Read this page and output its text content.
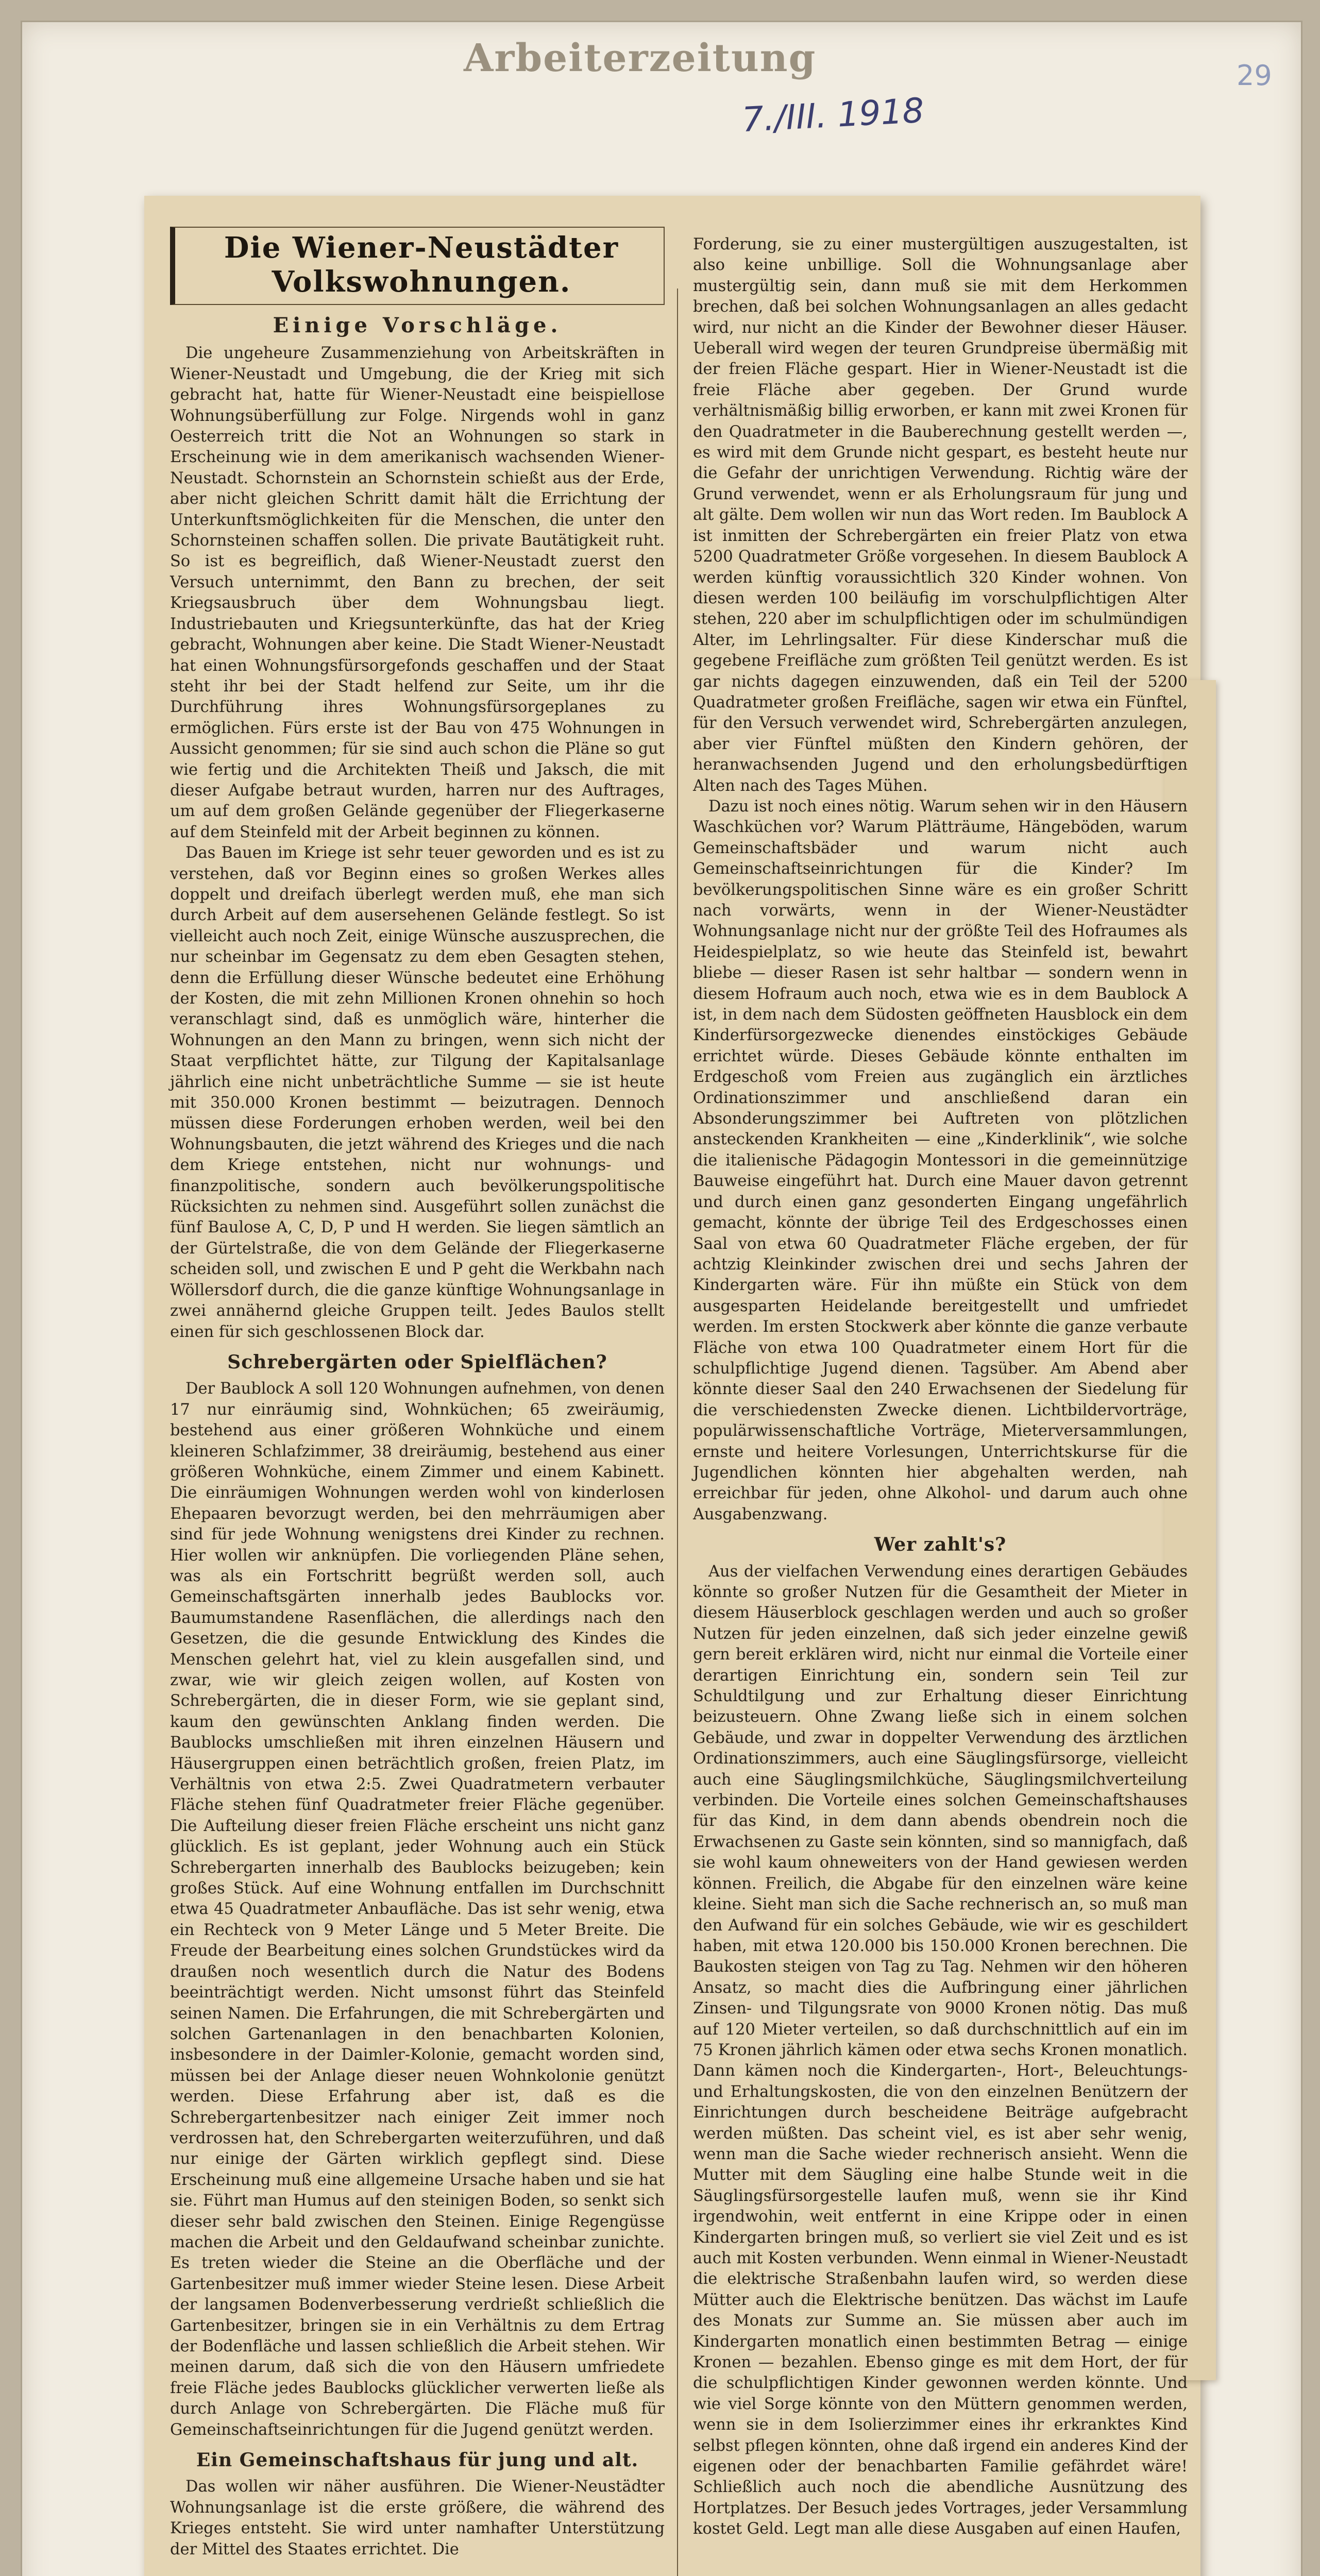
Arbeiterzeitung
7./III. 1918
29
Die Wiener-Neustädter Volkswohnungen.
Einige Vorschläge.

Die ungeheure Zusammenziehung von Arbeitskräften in Wiener-Neustadt und Umgebung, die der Krieg mit sich gebracht hat, hatte für Wiener-Neustadt eine beispiellose Wohnungsüberfüllung zur Folge. Nirgends wohl in ganz Oesterreich tritt die Not an Wohnungen so stark in Erscheinung wie in dem amerikanisch wachsenden Wiener-Neustadt. Schornstein an Schornstein schießt aus der Erde, aber nicht gleichen Schritt damit hält die Errichtung der Unterkunftsmöglichkeiten für die Menschen, die unter den Schornsteinen schaffen sollen. Die private Bautätigkeit ruht. So ist es begreiflich, daß Wiener-Neustadt zuerst den Versuch unternimmt, den Bann zu brechen, der seit Kriegsausbruch über dem Wohnungsbau liegt. Industriebauten und Kriegsunterkünfte, das hat der Krieg gebracht, Wohnungen aber keine. Die Stadt Wiener-Neustadt hat einen Wohnungsfürsorgefonds geschaffen und der Staat steht ihr bei der Stadt helfend zur Seite, um ihr die Durchführung ihres Wohnungsfürsorgeplanes zu ermöglichen. Fürs erste ist der Bau von 475 Wohnungen in Aussicht genommen; für sie sind auch schon die Pläne so gut wie fertig und die Architekten Theiß und Jaksch, die mit dieser Aufgabe betraut wurden, harren nur des Auftrages, um auf dem großen Gelände gegenüber der Fliegerkaserne auf dem Steinfeld mit der Arbeit beginnen zu können.

Das Bauen im Kriege ist sehr teuer geworden und es ist zu verstehen, daß vor Beginn eines so großen Werkes alles doppelt und dreifach überlegt werden muß, ehe man sich durch Arbeit auf dem ausersehenen Gelände festlegt. So ist vielleicht auch noch Zeit, einige Wünsche auszusprechen, die nur scheinbar im Gegensatz zu dem eben Gesagten stehen, denn die Erfüllung dieser Wünsche bedeutet eine Erhöhung der Kosten, die mit zehn Millionen Kronen ohnehin so hoch veranschlagt sind, daß es unmöglich wäre, hinterher die Wohnungen an den Mann zu bringen, wenn sich nicht der Staat verpflichtet hätte, zur Tilgung der Kapitalsanlage jährlich eine nicht unbeträchtliche Summe — sie ist heute mit 350.000 Kronen bestimmt — beizutragen. Dennoch müssen diese Forderungen erhoben werden, weil bei den Wohnungsbauten, die jetzt während des Krieges und die nach dem Kriege entstehen, nicht nur wohnungs- und finanzpolitische, sondern auch bevölkerungspolitische Rücksichten zu nehmen sind. Ausgeführt sollen zunächst die fünf Baulose A, C, D, P und H werden. Sie liegen sämtlich an der Gürtelstraße, die von dem Gelände der Fliegerkaserne scheiden soll, und zwischen E und P geht die Werkbahn nach Wöllersdorf durch, die die ganze künftige Wohnungsanlage in zwei annähernd gleiche Gruppen teilt. Jedes Baulos stellt einen für sich geschlossenen Block dar.

Schrebergärten oder Spielflächen?

Der Baublock A soll 120 Wohnungen aufnehmen, von denen 17 nur einräumig sind, Wohnküchen; 65 zweiräumig, bestehend aus einer größeren Wohnküche und einem kleineren Schlafzimmer, 38 dreiräumig, bestehend aus einer größeren Wohnküche, einem Zimmer und einem Kabinett. Die einräumigen Wohnungen werden wohl von kinderlosen Ehepaaren bevorzugt werden, bei den mehrräumigen aber sind für jede Wohnung wenigstens drei Kinder zu rechnen. Hier wollen wir anknüpfen. Die vorliegenden Pläne sehen, was als ein Fortschritt begrüßt werden soll, auch Gemeinschaftsgärten innerhalb jedes Baublocks vor. Baumumstandene Rasenflächen, die allerdings nach den Gesetzen, die die gesunde Entwicklung des Kindes die Menschen gelehrt hat, viel zu klein ausgefallen sind, und zwar, wie wir gleich zeigen wollen, auf Kosten von Schrebergärten, die in dieser Form, wie sie geplant sind, kaum den gewünschten Anklang finden werden. Die Baublocks umschließen mit ihren einzelnen Häusern und Häusergruppen einen beträchtlich großen, freien Platz, im Verhältnis von etwa 2:5. Zwei Quadratmetern verbauter Fläche stehen fünf Quadratmeter freier Fläche gegenüber. Die Aufteilung dieser freien Fläche erscheint uns nicht ganz glücklich. Es ist geplant, jeder Wohnung auch ein Stück Schrebergarten innerhalb des Baublocks beizugeben; kein großes Stück. Auf eine Wohnung entfallen im Durchschnitt etwa 45 Quadratmeter Anbaufläche. Das ist sehr wenig, etwa ein Rechteck von 9 Meter Länge und 5 Meter Breite. Die Freude der Bearbeitung eines solchen Grundstückes wird da draußen noch wesentlich durch die Natur des Bodens beeinträchtigt werden. Nicht umsonst führt das Steinfeld seinen Namen. Die Erfahrungen, die mit Schrebergärten und solchen Gartenanlagen in den benachbarten Kolonien, insbesondere in der Daimler-Kolonie, gemacht worden sind, müssen bei der Anlage dieser neuen Wohnkolonie genützt werden. Diese Erfahrung aber ist, daß es die Schrebergartenbesitzer nach einiger Zeit immer noch verdrossen hat, den Schrebergarten weiterzuführen, und daß nur einige der Gärten wirklich gepflegt sind. Diese Erscheinung muß eine allgemeine Ursache haben und sie hat sie. Führt man Humus auf den steinigen Boden, so senkt sich dieser sehr bald zwischen den Steinen. Einige Regengüsse machen die Arbeit und den Geldaufwand scheinbar zunichte. Es treten wieder die Steine an die Oberfläche und der Gartenbesitzer muß immer wieder Steine lesen. Diese Arbeit der langsamen Bodenverbesserung verdrießt schließlich die Gartenbesitzer, bringen sie in ein Verhältnis zu dem Ertrag der Bodenfläche und lassen schließlich die Arbeit stehen. Wir meinen darum, daß sich die von den Häusern umfriedete freie Fläche jedes Baublocks glücklicher verwerten ließe als durch Anlage von Schrebergärten. Die Fläche muß für Gemeinschaftseinrichtungen für die Jugend genützt werden.

Ein Gemeinschaftshaus für jung und alt.

Das wollen wir näher ausführen. Die Wiener-Neustädter Wohnungsanlage ist die erste größere, die während des Krieges entsteht. Sie wird unter namhafter Unterstützung der Mittel des Staates errichtet. Die

Forderung, sie zu einer mustergültigen auszugestalten, ist also keine unbillige. Soll die Wohnungsanlage aber mustergültig sein, dann muß sie mit dem Herkommen brechen, daß bei solchen Wohnungsanlagen an alles gedacht wird, nur nicht an die Kinder der Bewohner dieser Häuser. Ueberall wird wegen der teuren Grundpreise übermäßig mit der freien Fläche gespart. Hier in Wiener-Neustadt ist die freie Fläche aber gegeben. Der Grund wurde verhältnismäßig billig erworben, er kann mit zwei Kronen für den Quadratmeter in die Bauberechnung gestellt werden —, es wird mit dem Grunde nicht gespart, es besteht heute nur die Gefahr der unrichtigen Verwendung. Richtig wäre der Grund verwendet, wenn er als Erholungsraum für jung und alt gälte. Dem wollen wir nun das Wort reden. Im Baublock A ist inmitten der Schrebergärten ein freier Platz von etwa 5200 Quadratmeter Größe vorgesehen. In diesem Baublock A werden künftig voraussichtlich 320 Kinder wohnen. Von diesen werden 100 beiläufig im vorschulpflichtigen Alter stehen, 220 aber im schulpflichtigen oder im schulmündigen Alter, im Lehrlingsalter. Für diese Kinderschar muß die gegebene Freifläche zum größten Teil genützt werden. Es ist gar nichts dagegen einzuwenden, daß ein Teil der 5200 Quadratmeter großen Freifläche, sagen wir etwa ein Fünftel, für den Versuch verwendet wird, Schrebergärten anzulegen, aber vier Fünftel müßten den Kindern gehören, der heranwachsenden Jugend und den erholungsbedürftigen Alten nach des Tages Mühen.

Dazu ist noch eines nötig. Warum sehen wir in den Häusern Waschküchen vor? Warum Plätträume, Hängeböden, warum Gemeinschaftsbäder und warum nicht auch Gemeinschaftseinrichtungen für die Kinder? Im bevölkerungspolitischen Sinne wäre es ein großer Schritt nach vorwärts, wenn in der Wiener-Neustädter Wohnungsanlage nicht nur der größte Teil des Hofraumes als Heidespielplatz, so wie heute das Steinfeld ist, bewahrt bliebe — dieser Rasen ist sehr haltbar — sondern wenn in diesem Hofraum auch noch, etwa wie es in dem Baublock A ist, in dem nach dem Südosten geöffneten Hausblock ein dem Kinderfürsorgezwecke dienendes einstöckiges Gebäude errichtet würde. Dieses Gebäude könnte enthalten im Erdgeschoß vom Freien aus zugänglich ein ärztliches Ordinationszimmer und anschließend daran ein Absonderungszimmer bei Auftreten von plötzlichen ansteckenden Krankheiten — eine „Kinderklinik“, wie solche die italienische Pädagogin Montessori in die gemeinnützige Bauweise eingeführt hat. Durch eine Mauer davon getrennt und durch einen ganz gesonderten Eingang ungefährlich gemacht, könnte der übrige Teil des Erdgeschosses einen Saal von etwa 60 Quadratmeter Fläche ergeben, der für achtzig Kleinkinder zwischen drei und sechs Jahren der Kindergarten wäre. Für ihn müßte ein Stück von dem ausgesparten Heidelande bereitgestellt und umfriedet werden. Im ersten Stockwerk aber könnte die ganze verbaute Fläche von etwa 100 Quadratmeter einem Hort für die schulpflichtige Jugend dienen. Tagsüber. Am Abend aber könnte dieser Saal den 240 Erwachsenen der Siedelung für die verschiedensten Zwecke dienen. Lichtbildervorträge, populärwissenschaftliche Vorträge, Mieterversammlungen, ernste und heitere Vorlesungen, Unterrichtskurse für die Jugendlichen könnten hier abgehalten werden, nah erreichbar für jeden, ohne Alkohol- und darum auch ohne Ausgabenzwang.

Wer zahlt's?

Aus der vielfachen Verwendung eines derartigen Gebäudes könnte so großer Nutzen für die Gesamtheit der Mieter in diesem Häuserblock geschlagen werden und auch so großer Nutzen für jeden einzelnen, daß sich jeder einzelne gewiß gern bereit erklären wird, nicht nur einmal die Vorteile einer derartigen Einrichtung ein, sondern sein Teil zur Schuldtilgung und zur Erhaltung dieser Einrichtung beizusteuern. Ohne Zwang ließe sich in einem solchen Gebäude, und zwar in doppelter Verwendung des ärztlichen Ordinationszimmers, auch eine Säuglingsfürsorge, vielleicht auch eine Säuglingsmilchküche, Säuglingsmilchverteilung verbinden. Die Vorteile eines solchen Gemeinschaftshauses für das Kind, in dem dann abends obendrein noch die Erwachsenen zu Gaste sein könnten, sind so mannigfach, daß sie wohl kaum ohneweiters von der Hand gewiesen werden können. Freilich, die Abgabe für den einzelnen wäre keine kleine. Sieht man sich die Sache rechnerisch an, so muß man den Aufwand für ein solches Gebäude, wie wir es geschildert haben, mit etwa 120.000 bis 150.000 Kronen berechnen. Die Baukosten steigen von Tag zu Tag. Nehmen wir den höheren Ansatz, so macht dies die Aufbringung einer jährlichen Zinsen- und Tilgungsrate von 9000 Kronen nötig. Das muß auf 120 Mieter verteilen, so daß durchschnittlich auf ein im 75 Kronen jährlich kämen oder etwa sechs Kronen monatlich. Dann kämen noch die Kindergarten-, Hort-, Beleuchtungs- und Erhaltungskosten, die von den einzelnen Benützern der Einrichtungen durch bescheidene Beiträge aufgebracht werden müßten. Das scheint viel, es ist aber sehr wenig, wenn man die Sache wieder rechnerisch ansieht. Wenn die Mutter mit dem Säugling eine halbe Stunde weit in die Säuglingsfürsorgestelle laufen muß, wenn sie ihr Kind irgendwohin, weit entfernt in eine Krippe oder in einen Kindergarten bringen muß, so verliert sie viel Zeit und es ist auch mit Kosten verbunden. Wenn einmal in Wiener-Neustadt die elektrische Straßenbahn laufen wird, so werden diese Mütter auch die Elektrische benützen. Das wächst im Laufe des Monats zur Summe an. Sie müssen aber auch im Kindergarten monatlich einen bestimmten Betrag — einige Kronen — bezahlen. Ebenso ginge es mit dem Hort, der für die schulpflichtigen Kinder gewonnen werden könnte. Und wie viel Sorge könnte von den Müttern genommen werden, wenn sie in dem Isolierzimmer eines ihr erkranktes Kind selbst pflegen könnten, ohne daß irgend ein anderes Kind der eigenen oder der benachbarten Familie gefährdet wäre! Schließlich auch noch die abendliche Ausnützung des Hortplatzes. Der Besuch jedes Vortrages, jeder Versammlung kostet Geld. Legt man alle diese Ausgaben auf einen Haufen,
